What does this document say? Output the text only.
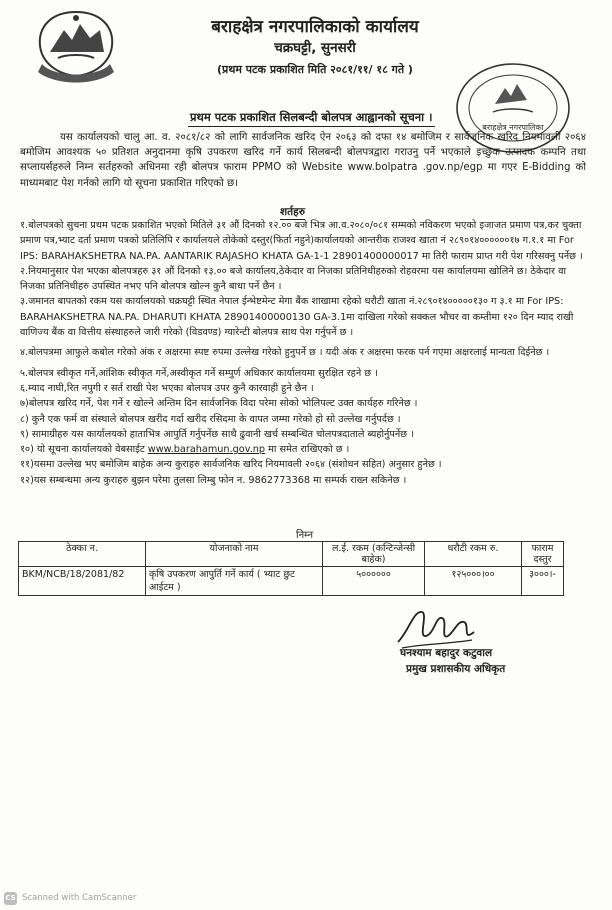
बराहक्षेत्र नगरपालिकाको कार्यालय
चक्रघट्टी, सुनसरी
(प्रथम पटक प्रकाशित मिति २०८१/११/ १८ गते )
बराहक्षेत्र नगरपालिका
प्रथम पटक प्रकाशित सिलबन्दी बोलपत्र आह्वानको सूचना ।
यस कार्यालयको चालु आ. व. २०८१/८२ को लागि सार्वजनिक खरिद ऐन २०६३ को दफा १४ बमोजिम र सार्वजनिक खरिद नियमावली २०६४ बमोजिम आवश्यक ५० प्रतिशत अनुदानमा कृषि उपकरण खरिद गर्ने कार्य सिलबन्दी बोलपत्रद्वारा गराउनु पर्ने भएकाले इच्छुक उत्पादक कम्पनि तथा सप्लायर्सहरुले निम्न सर्तहरुको अधिनमा रही बोलपत्र फाराम PPMO को Website www.bolpatra .gov.np/egp मा गएर E-Bidding को माध्यमबाट पेश गर्नको लागि यो सूचना प्रकाशित गरिएको छ।
शर्तहरु

१.बोलपत्रको सुचना प्रथम पटक प्रकाशित भएको मितिले ३१ औं दिनको १२.०० बजे भित्र आ.व.२०८०/०८१ सम्मको नविकरण भएको इजाजत प्रमाण पत्र,कर चुक्ता प्रमाण पत्र,भ्याट दर्ता प्रमाण पत्रको प्रतिलिपि र कार्यालयले तोकेको दस्तुर(फिर्ता नहुने)कार्यालयको आन्तरीक राजश्व खाता नं २८९०१४००००००१७ ग.१.१ मा For IPS: BARAHAKSHETRA NA.PA. AANTARIK RAJASHO KHATA GA-1-1 28901400000017 मा तिरी फाराम प्राप्त गरी पेश गरिसक्नु पर्नेछ ।

२.नियमानुसार पेश भएका बोलपत्रहरु ३१ औं दिनको १३.०० बजे कार्यालय,ठेकेदार वा निजका प्रतिनिधीहरुको रोहवरमा यस कार्यालयमा खोलिने छ। ठेकेदार वा निजका प्रतिनिधीहरु उपस्थित नभए पनि बोलपत्र खोल्न कुनै बाधा पर्ने छैन ।

३.जमानत बापतको रकम यस कार्यालयको चक्रघट्टी स्थित नेपाल ईन्भेष्टमेन्ट मेगा बैंक शाखामा रहेको धरौटी खाता नं.२८९०१४०००००१३० ग ३.१ मा For IPS: BARAHAKSHETRA NA.PA. DHARUTI KHATA 28901400000130 GA-3.1मा दाखिला गरेको सक्कल भौचर वा कम्तीमा १२० दिन म्याद राखी वाणिज्य बैंक वा वित्तीय संस्थाहरुले जारी गरेको (विडवण्ड) ग्यारेन्टी बोलपत्र साथ पेश गर्नुपर्ने छ ।

४.बोलपत्रमा आफुले कबोल गरेको अंक र अक्षरमा स्पष्ट रुपमा उल्लेख गरेको हुनुपर्ने छ । यदी अंक र अक्षरमा फरक पर्न गएमा अक्षरलाई मान्यता दिईनेछ ।

५.बोलपत्र स्वीकृत गर्ने,आंशिक स्वीकृत गर्ने,अस्वीकृत गर्ने सम्पुर्ण अधिकार कार्यालयमा सुरक्षित रहने छ ।

६.म्याद नाघी,रित नपुगी र सर्त राखी पेश भएका बोलपत्र उपर कुनै कारवाही हुने छैन ।

७)बोलपत्र खरिद गर्ने, पेश गर्ने र खोल्ने अन्तिम दिन सार्वजनिक विदा परेमा सोको भोलिपल्ट उक्त कार्यहरु गरिनेछ ।

८) कुनै एक फर्म वा संस्थाले बोलपत्र खरीद गर्दा खरीद रसिदमा के वापत जम्मा गरेको हो सो उल्लेख गर्नुपर्दछ ।

९) सामाग्रीहरु यस कार्यालयको हाताभित्र आपुर्ति गर्नुपर्नेछ साथै ढुवानी खर्च सम्बन्धित चोलपत्रदाताले ब्यहोर्नुपर्नेछ ।

१०) यो सूचना कार्यालयको वेबसाईट www.barahamun.gov.np मा समेत राखिएको छ ।

११)यसमा उल्लेख भए बमोजिम बाहेक अन्य कुराहरु सार्वजनिक खरिद नियमावली २०६४ (संशोधन सहित) अनुसार हुनेछ ।

१२)यस सम्बन्धमा अन्य कुराहरु बुझन परेमा तुलसा लिम्बु फोन न. 9862773368 मा सम्पर्क राख्न सकिनेछ ।

निम्न
ठेक्का न.	योजनाको नाम	ल.ई. रकम (कन्टिन्जेन्सी बाहेक)	धरौटी रकम रु.	फाराम दस्तुर
BKM/NCB/18/2081/82	कृषि उपकरण आपुर्ति गर्ने कार्य ( भ्याट छुट आईटम )	५००००००	१२५०००।००	३०००।-
घनश्याम बहादुर कटुवाल
प्रमुख प्रशासकीय अधिकृत
CS Scanned with CamScanner
